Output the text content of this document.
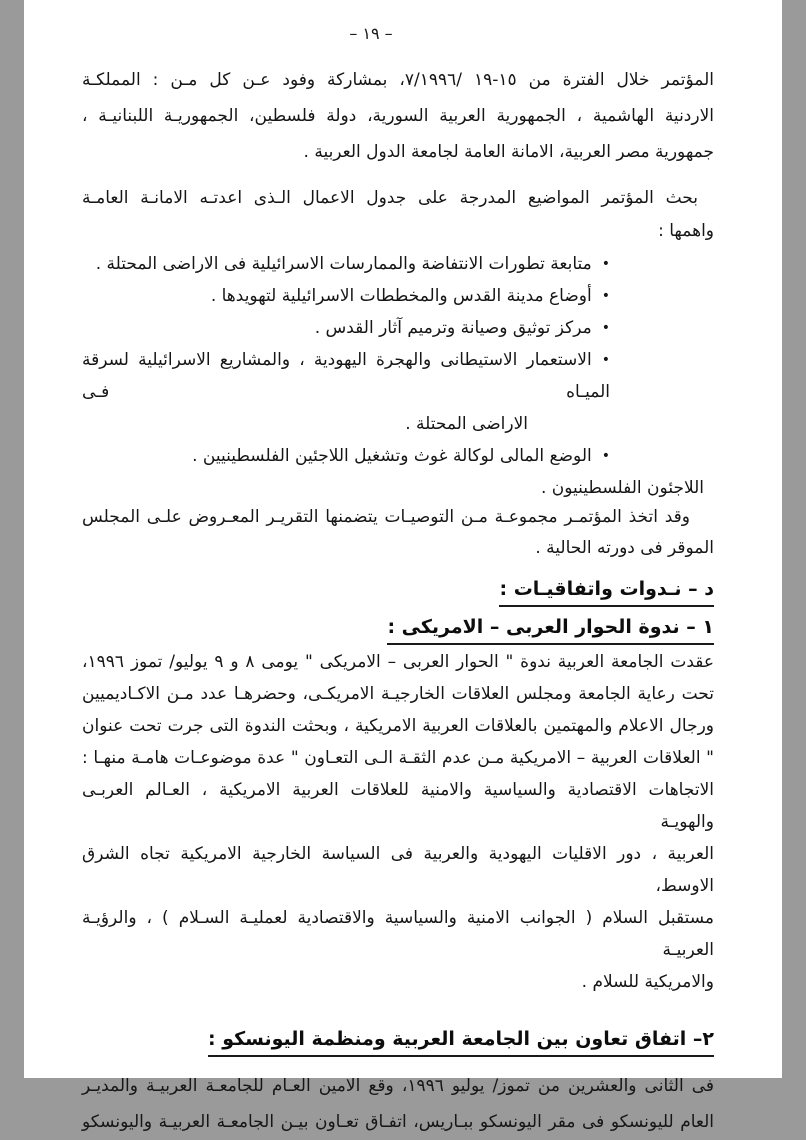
– ١٩ –
المؤتمر خلال الفترة من ١٥-١٩ /٧/١٩٩٦، بمشاركة وفود عـن كل مـن : المملكـة
الاردنية الهاشمية ، الجمهورية العربية السورية، دولة فلسطين، الجمهوريـة اللبنانيـة ،
جمهورية مصر العربية، الامانة العامة لجامعة الدول العربية .
بحث المؤتمر المواضيع المدرجة على جدول الاعمال الـذى اعدتـه الامانـة العامـة
واهمها :
•متابعة تطورات الانتفاضة والممارسات الاسرائيلية فى الاراضى المحتلة .
•أوضاع مدينة القدس والمخططات الاسرائيلية لتهويدها .
•مركز توثيق وصيانة وترميم آثار القدس .
•الاستعمار الاستيطانى والهجرة اليهودية ، والمشاريع الاسرائيلية لسرقة الميـاه فـى
الاراضى المحتلة .
•الوضع المالى لوكالة غوث وتشغيل اللاجئين الفلسطينيين .
اللاجئون الفلسطينيون .
وقد اتخذ المؤتمـر مجموعـة مـن التوصيـات يتضمنها التقريـر المعـروض علـى المجلس
الموقر فى دورته الحالية .
د – نـدوات واتفاقيـات :
١ – ندوة الحوار العربى – الامريكى :
عقدت الجامعة العربية ندوة " الحوار العربى – الامريكى " يومى ٨ و ٩ يوليو/ تموز ١٩٩٦،
تحت رعاية الجامعة ومجلس العلاقات الخارجيـة الامريكـى، وحضرهـا عدد مـن الاكـاديميين
ورجال الاعلام والمهتمين بالعلاقات العربية الامريكية ، وبحثت الندوة التى جرت تحت عنوان
" العلاقات العربية – الامريكية مـن عدم الثقـة الـى التعـاون " عدة موضوعـات هامـة منهـا :
الاتجاهات الاقتصادية والسياسية والامنية للعلاقات العربية الامريكية ، العـالم العربـى والهويـة
العربية ، دور الاقليات اليهودية والعربية فى السياسة الخارجية الامريكية تجاه الشرق الاوسط،
مستقبل السلام ( الجوانب الامنية والسياسية والاقتصادية لعمليـة السـلام ) ، والرؤيـة العربيـة
والامريكية للسلام .
٢– اتفاق تعاون بين الجامعة العربية ومنظمة اليونسكو :
فى الثانى والعشرين من تموز/ يوليو ١٩٩٦، وقع الامين العـام للجامعـة العربيـة والمديـر
العام لليونسكو فى مقر اليونسكو ببـاريس، اتفـاق تعـاون بيـن الجامعـة العربيـة واليونسكو
